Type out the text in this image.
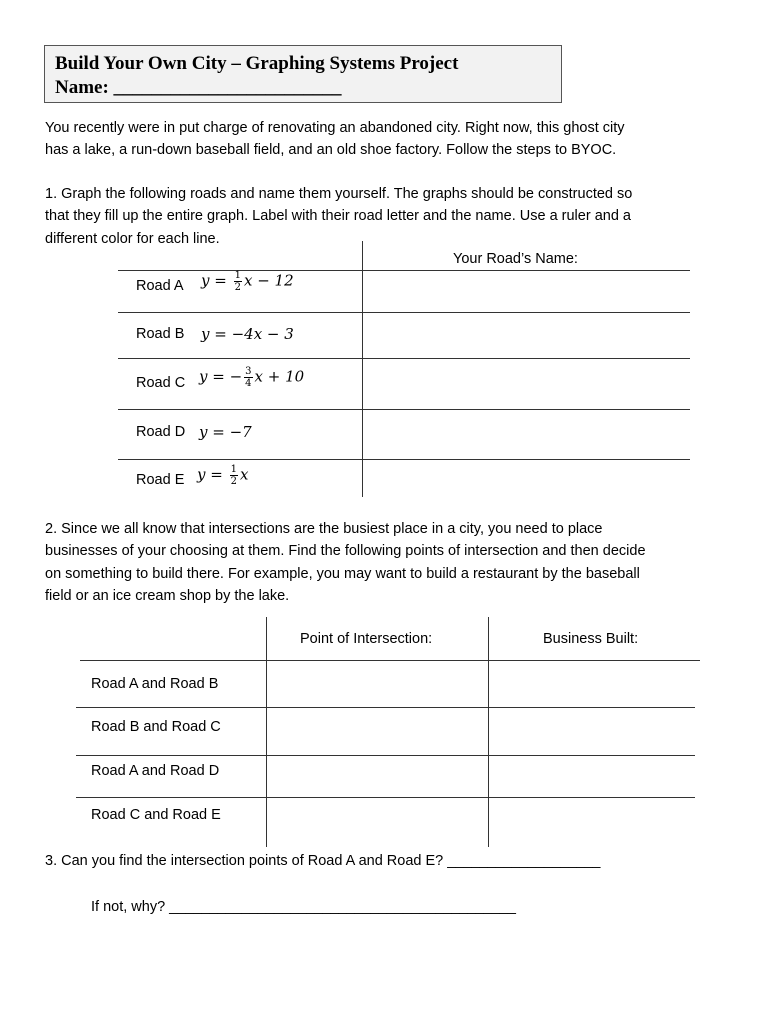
Build Your Own City – Graphing Systems Project
Name: ________________________
You recently were in put charge of renovating an abandoned city. Right now, this ghost city
has a lake, a run-down baseball field, and an old shoe factory. Follow the steps to BYOC.
1. Graph the following roads and name them yourself. The graphs should be constructed so
that they fill up the entire graph. Label with their road letter and the name. Use a ruler and a
different color for each line.
Your Road’s Name:
Road A $y = \frac{1}{2}$ x − 12
Road B y = −4x − 3
Road C y = − $\frac{3}{4}$ x + 10
Road D y = −7
Road E $y = \frac{1}{2}$ x
2. Since we all know that intersections are the busiest place in a city, you need to place
businesses of your choosing at them. Find the following points of intersection and then decide
on something to build there. For example, you may want to build a restaurant by the baseball
field or an ice cream shop by the lake.
Point of Intersection:	Business Built:
Road A and Road B
Road B and Road C
Road A and Road D
Road C and Road E
3. Can you find the intersection points of Road A and Road E? ___________________
If not, why? ___________________________________________
